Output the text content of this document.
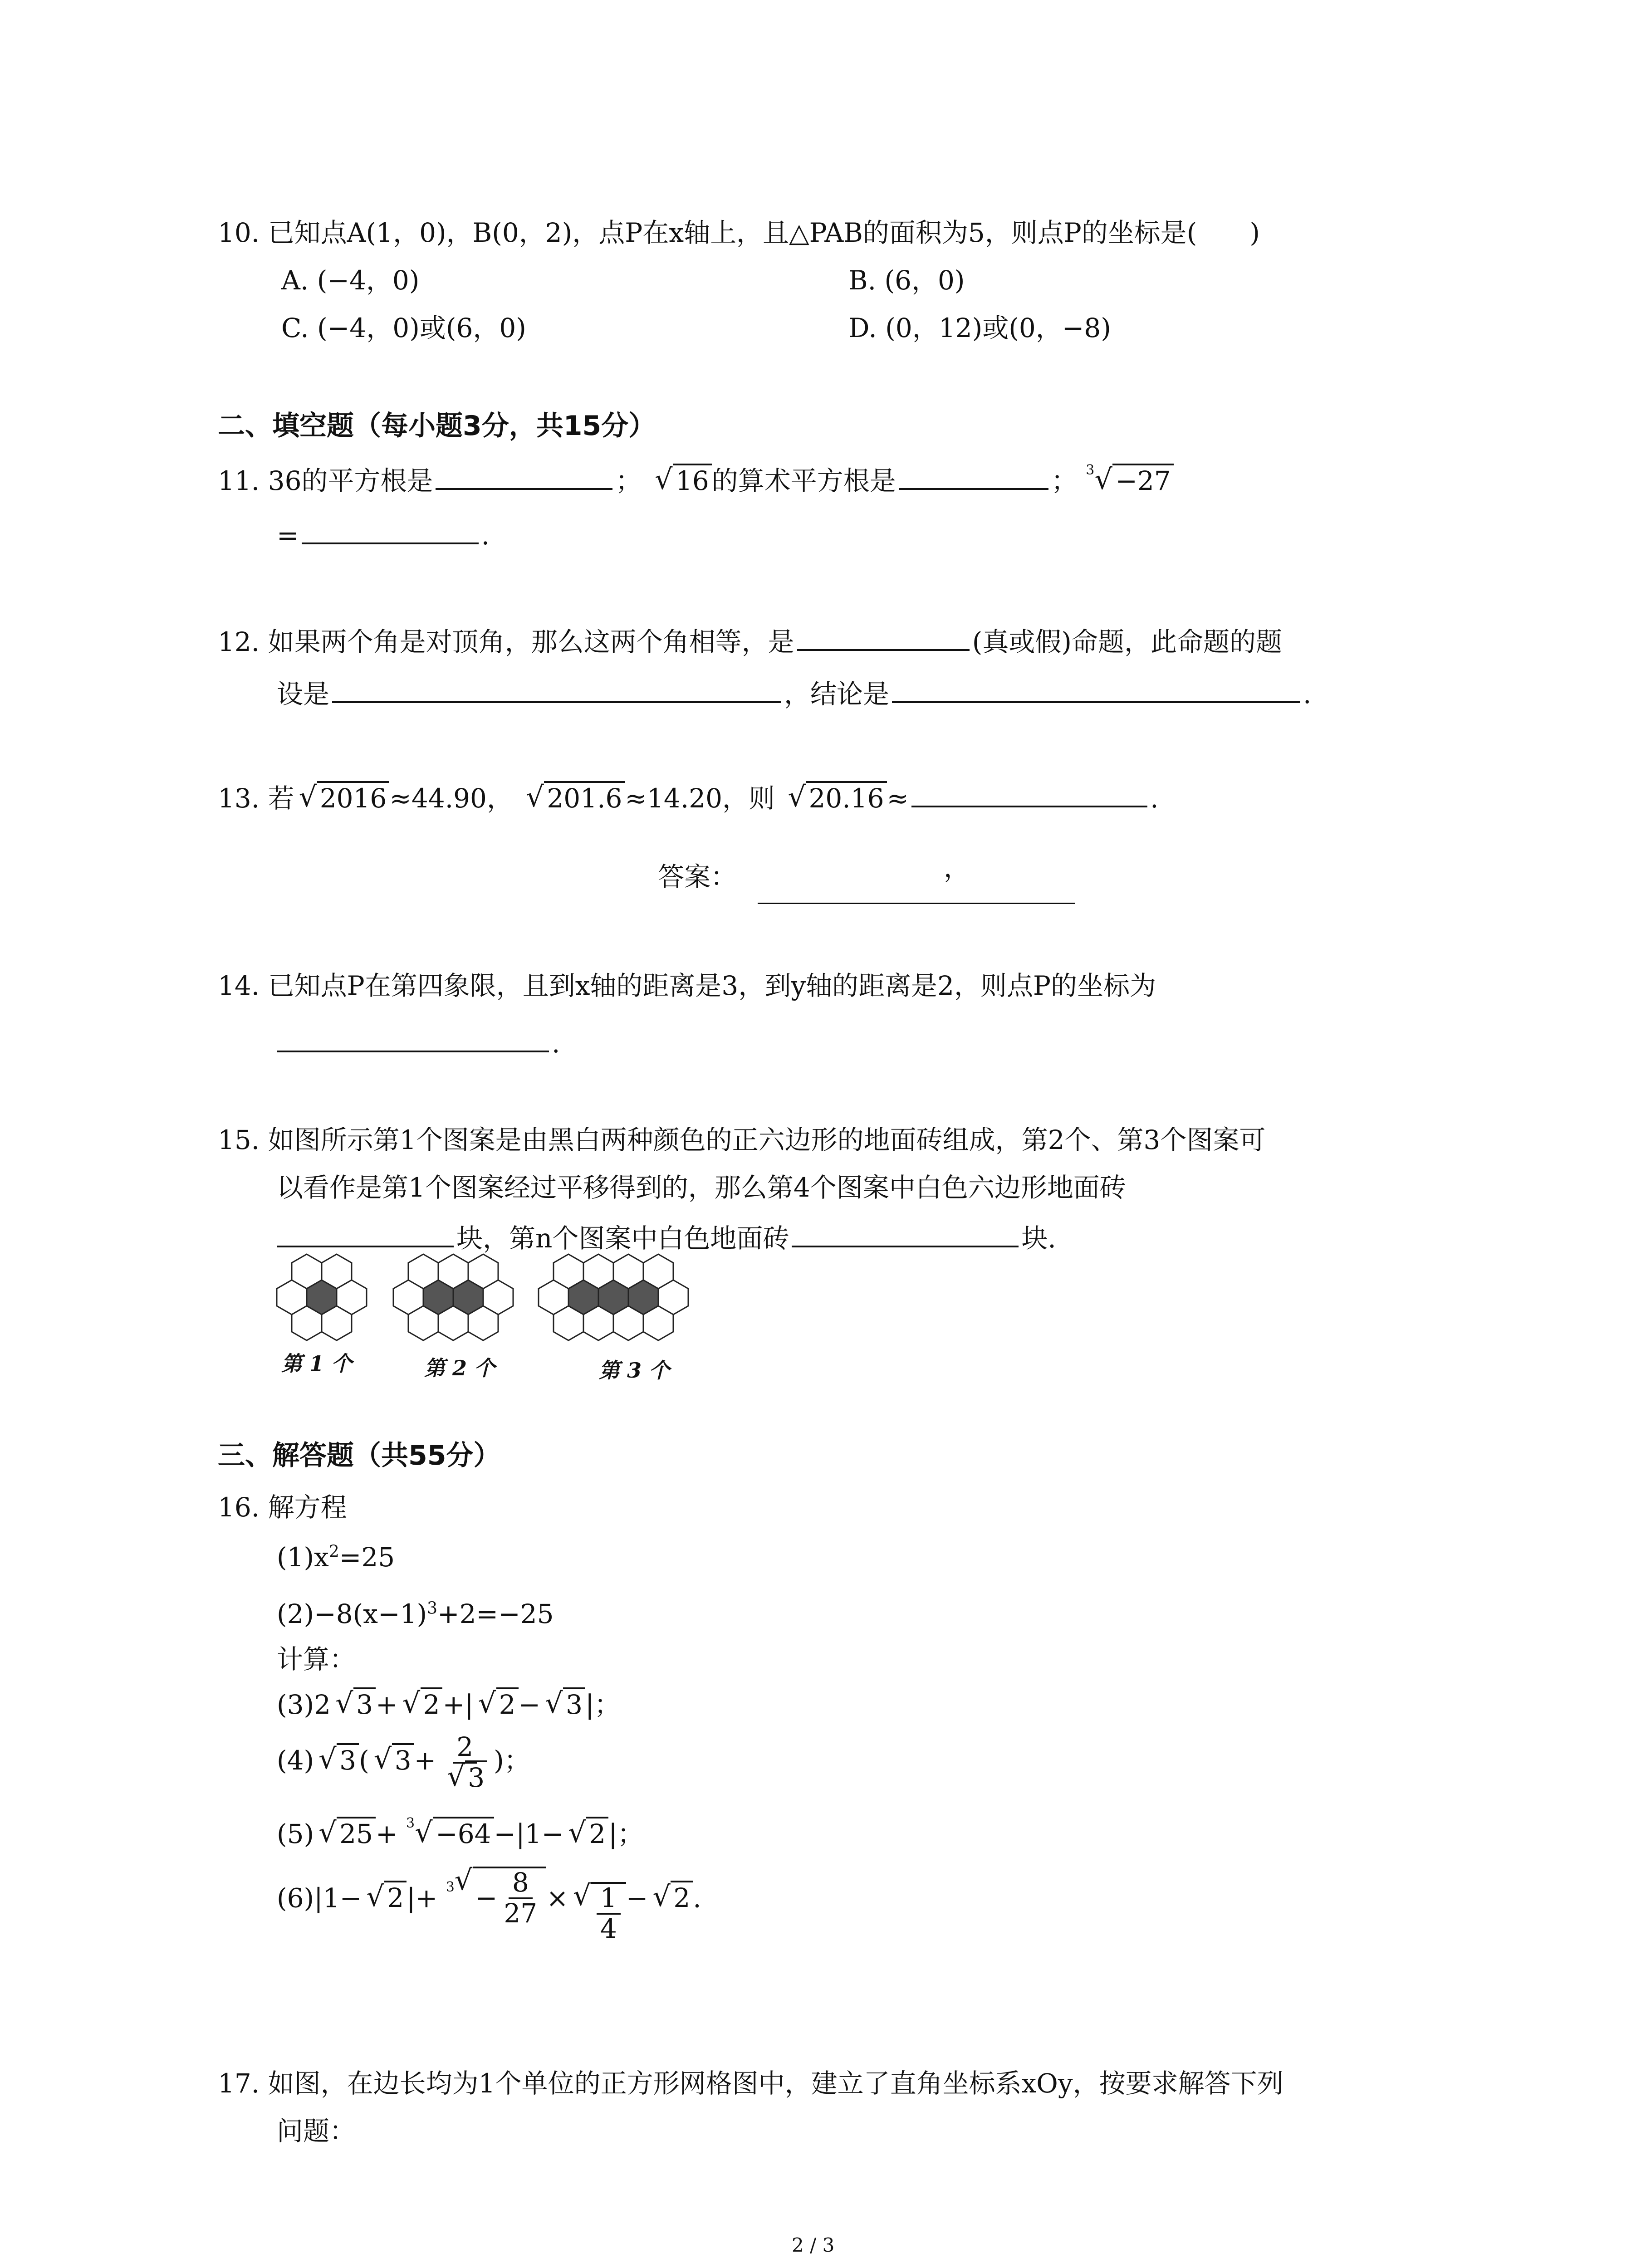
10. 已知点A(1，0)，B(0，2)，点P在x轴上，且△PAB的面积为5，则点P的坐标是(　　)
A. (−4，0)	B. (6，0)
C. (−4，0)或(6，0)	D. (0，12)或(0，−8)
二、填空题（每小题3分，共15分）
11. 36的平方根是	； √ 16 的算术平方根是	； $^3$ √ −27
=	.
12. 如果两个角是对顶角，那么这两个角相等，是	(真或假)命题，此命题的题
设是	，结论是	.
13. 若 √ 2016 ≈44.90， √ 201.6 ≈14.20，则 √ 20.16 ≈	.
答案：	，
14. 已知点P在第四象限，且到x轴的距离是3，到y轴的距离是2，则点P的坐标为
.
15. 如图所示第1个图案是由黑白两种颜色的正六边形的地面砖组成，第2个、第3个图案可
以看作是第1个图案经过平移得到的，那么第4个图案中白色六边形地面砖
块，第n个图案中白色地面砖	块.
第 1 个	第 2 个	第 3 个
三、解答题（共55分）
16. 解方程
$(1)x^2=25$
$(2)-8(x-1)^3+2=-25$
计算：
(3)2 √ 3 + √ 2 +| √ 2 − √ 3 |；
(4) √ 3 ( √ 3 + 2
√ 3 )；
(5) √ 25 + $^3$ √ −64 −|1− √ 2 |；
(6)|1− √ 2 |+ $^3$ √ − $\frac{8}{27}$ × √ $\frac{1}{4}$ − √ 2 .
17. 如图，在边长均为1个单位的正方形网格图中，建立了直角坐标系xOy，按要求解答下列
问题：
2 / 3
